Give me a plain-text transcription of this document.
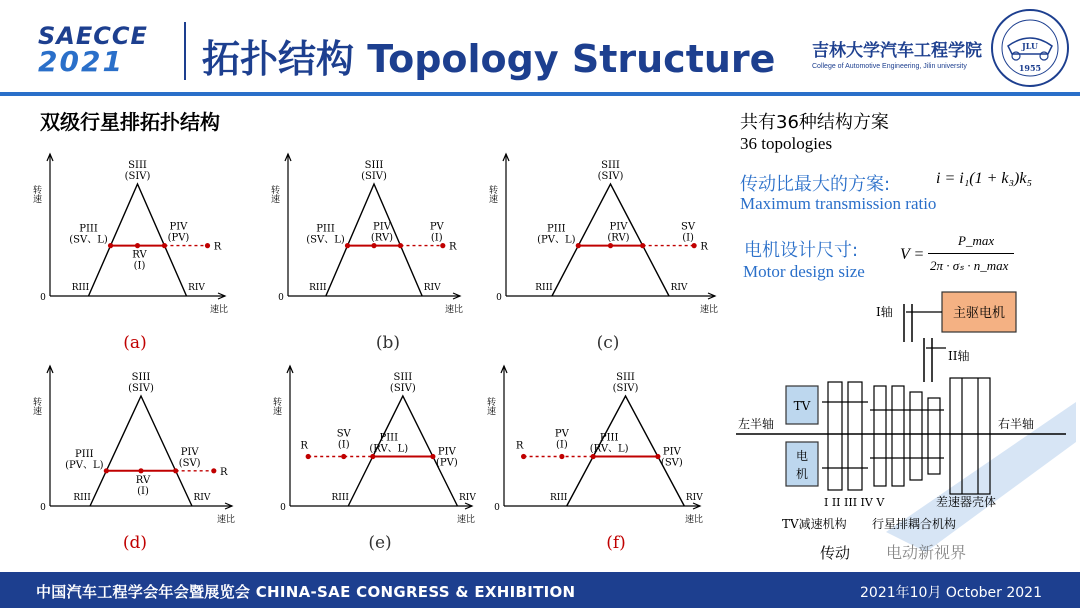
SAECCE
2021	拓扑结构 Topology Structure 吉林大学汽车工程学院
College of Automotive Engineering, Jilin university
JLU
1955
双级行星排拓扑结构
0
转速
速比
SIII
(SIV)
RIII	RIV
PIII
(SV、L)
RV
(I)
PIV
(PV)
R
(a)
0
转速
速比
SIII
(SIV)
RIII	RIV
PIII
(SV、L)
PIV
(RV)
PV
(I)
R
(b)
0
转速
速比
SIII
(SIV)
RIII	RIV
PIII
(PV、L)
PIV
(RV)
SV
(I)
R
(c)
0
转速
速比
SIII
(SIV)
RIII	RIV
PIII
(PV、L)
RV
(I)
PIV
(SV)
R
(d)
0
转速
速比
SIII
(SIV)
RIII	RIV
R
SV
(I)
PIII
(RV、L)	PIV
(PV)
(e)
0
转速
速比
SIII
(SIV)
RIII	RIV
R
PV
(I)
PIII
(RV、L)	PIV
(SV)
(f)
共有36种结构方案
36 topologies
传动比最大的方案:	i = i₁(1 + k₃)k₅
Maximum transmission ratio
电机设计尺寸:	V =
P_max
2π · σₛ · n_max
Motor design size
主驱电机
I轴
II轴
TV
电
机
左半轴	右半轴
I II III IV V	差速器壳体
TV减速机构 行星排耦合机构
传动 电动新视界
中国汽车工程学会年会暨展览会 CHINA-SAE CONGRESS & EXHIBITION	2021年10月 October 2021
